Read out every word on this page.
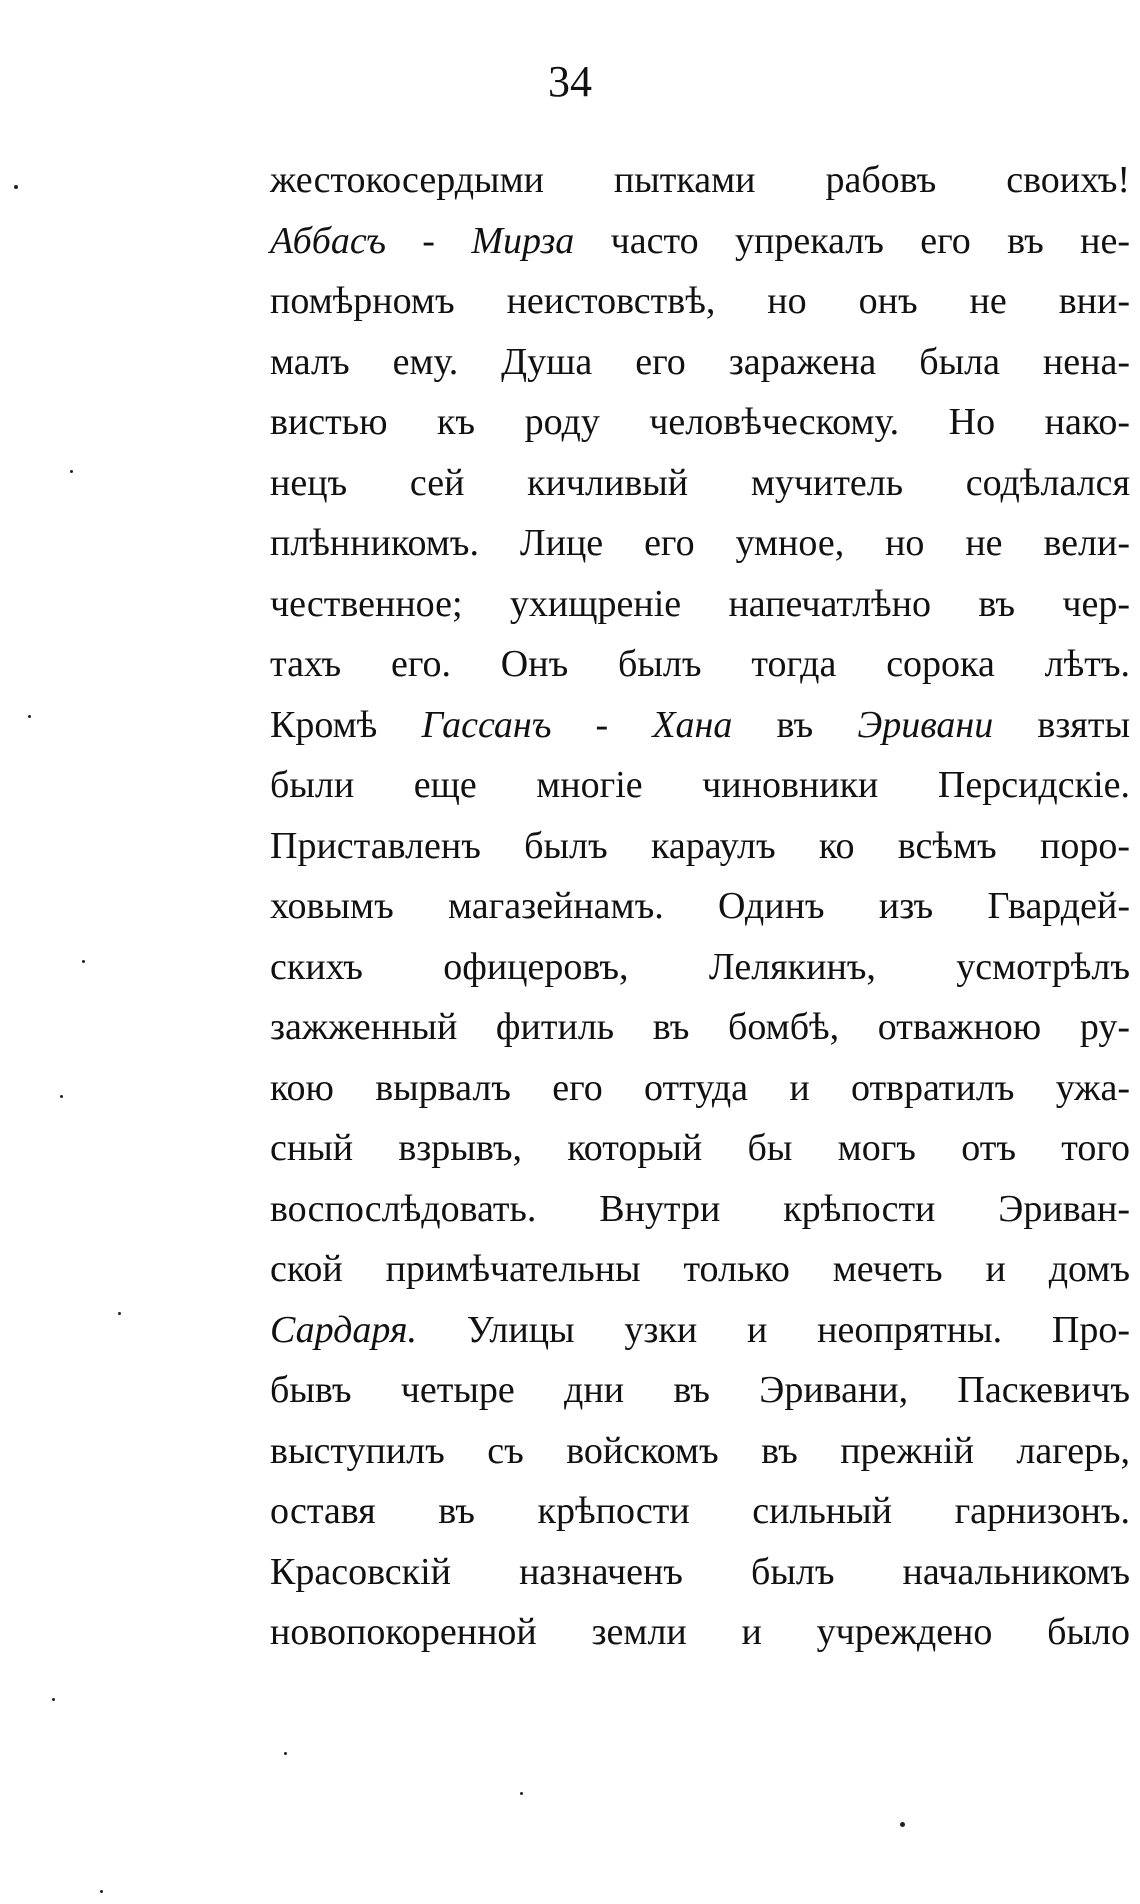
34
жестокосердыми пытками рабовъ своихъ!
Аббасъ - Мирза часто упрекалъ его въ не-
помѣрномъ неистовствѣ, но онъ не вни-
малъ ему. Душа его заражена была нена-
вистью къ роду человѣческому. Но нако-
нецъ сей кичливый мучитель содѣлался
плѣнникомъ. Лице его умное, но не вели-
чественное; ухищреніе напечатлѣно въ чер-
тахъ его. Онъ былъ тогда сорока лѣтъ.
Кромѣ Гассанъ - Хана въ Эривани взяты
были еще многіе чиновники Персидскіе.
Приставленъ былъ караулъ ко всѣмъ поро-
ховымъ магазейнамъ. Одинъ изъ Гвардей-
скихъ офицеровъ, Лелякинъ, усмотрѣлъ
зажженный фитиль въ бомбѣ, отважною ру-
кою вырвалъ его оттуда и отвратилъ ужа-
сный взрывъ, который бы могъ отъ того
воспослѣдовать. Внутри крѣпости Эриван-
ской примѣчательны только мечеть и домъ
Сардаря. Улицы узки и неопрятны. Про-
бывъ четыре дни въ Эривани, Паскевичъ
выступилъ съ войскомъ въ прежній лагерь,
оставя въ крѣпости сильный гарнизонъ.
Красовскій назначенъ былъ начальникомъ
новопокоренной земли и учреждено было
